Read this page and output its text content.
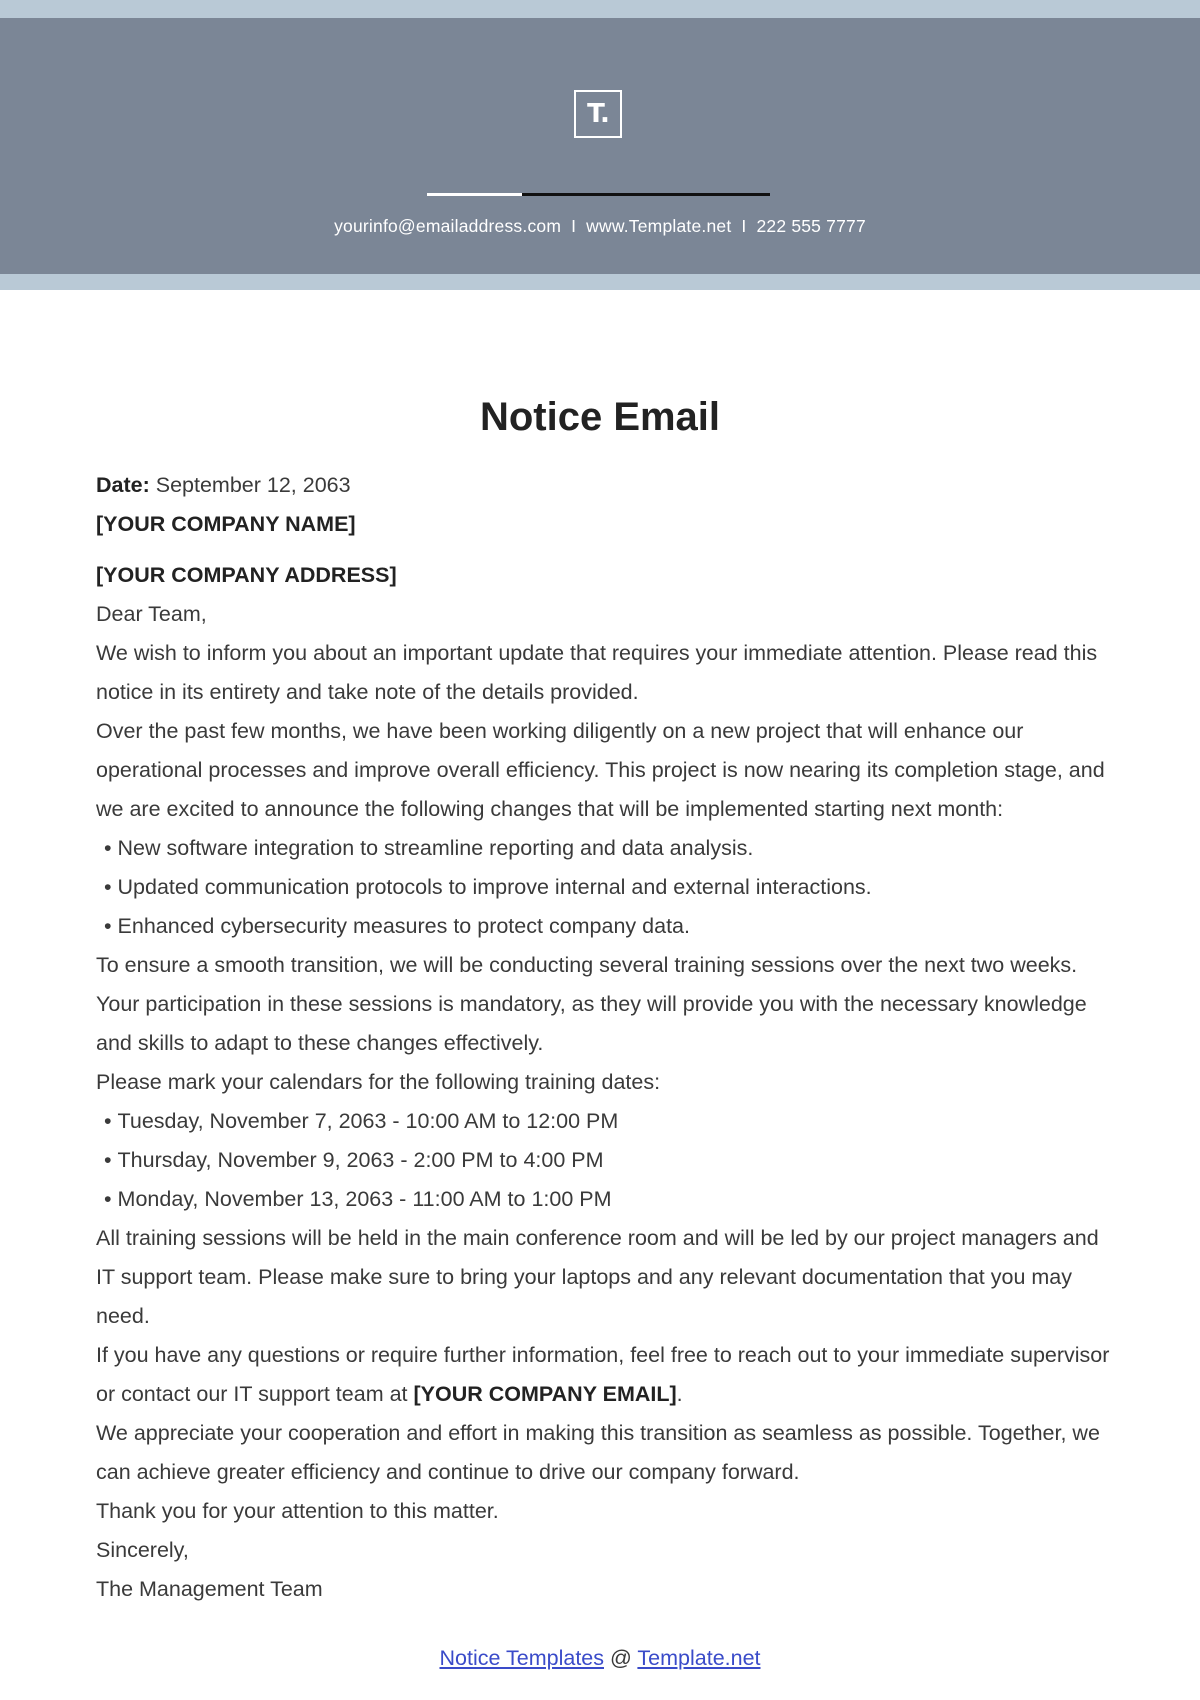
T.
yourinfo@emailaddress.com I www.Template.net I 222 555 7777
Notice Email

Date: September 12, 2063

[YOUR COMPANY NAME]

[YOUR COMPANY ADDRESS]

Dear Team,

We wish to inform you about an important update that requires your immediate attention. Please read this notice in its entirety and take note of the details provided.

Over the past few months, we have been working diligently on a new project that will enhance our operational processes and improve overall efficiency. This project is now nearing its completion stage, and we are excited to announce the following changes that will be implemented starting next month:

• New software integration to streamline reporting and data analysis.
• Updated communication protocols to improve internal and external interactions.
• Enhanced cybersecurity measures to protect company data.

To ensure a smooth transition, we will be conducting several training sessions over the next two weeks. Your participation in these sessions is mandatory, as they will provide you with the necessary knowledge and skills to adapt to these changes effectively.

Please mark your calendars for the following training dates:

• Tuesday, November 7, 2063 - 10:00 AM to 12:00 PM
• Thursday, November 9, 2063 - 2:00 PM to 4:00 PM
• Monday, November 13, 2063 - 11:00 AM to 1:00 PM

All training sessions will be held in the main conference room and will be led by our project managers and IT support team. Please make sure to bring your laptops and any relevant documentation that you may need.

If you have any questions or require further information, feel free to reach out to your immediate supervisor or contact our IT support team at [YOUR COMPANY EMAIL].

We appreciate your cooperation and effort in making this transition as seamless as possible. Together, we can achieve greater efficiency and continue to drive our company forward.

Thank you for your attention to this matter.

Sincerely,

The Management Team

Notice Templates @ Template.net
